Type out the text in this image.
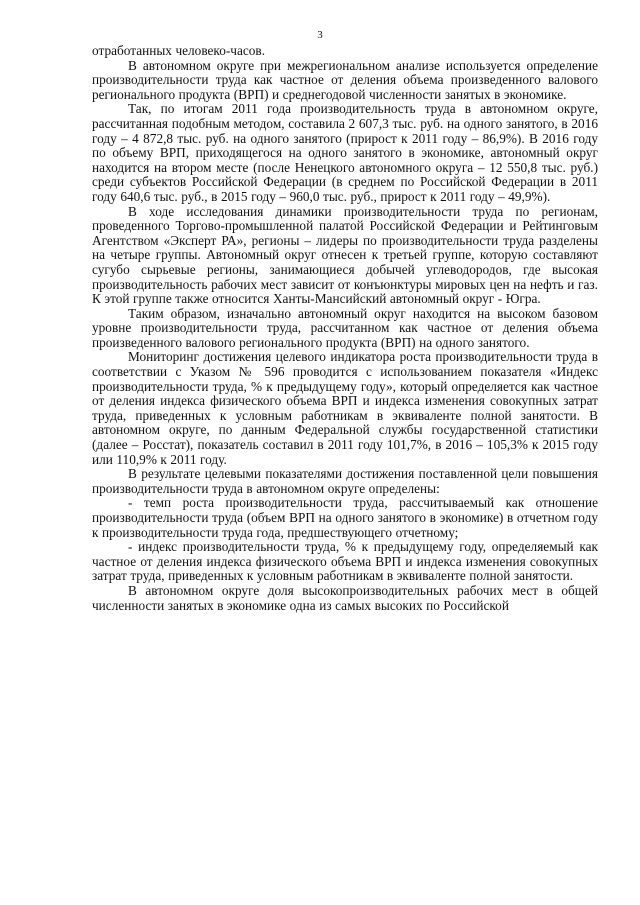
3

отработанных человеко-часов.

В автономном округе при межрегиональном анализе используется определение производительности труда как частное от деления объема произведенного валового регионального продукта (ВРП) и среднегодовой численности занятых в экономике.

Так, по итогам 2011 года производительность труда в автономном округе, рассчитанная подобным методом, составила 2 607,3 тыс. руб. на одного занятого, в 2016 году – 4 872,8 тыс. руб. на одного занятого (прирост к 2011 году – 86,9%). В 2016 году по объему ВРП, приходящегося на одного занятого в экономике, автономный округ находится на втором месте (после Ненецкого автономного округа – 12 550,8 тыс. руб.) среди субъектов Российской Федерации (в среднем по Российской Федерации в 2011 году 640,6 тыс. руб., в 2015 году – 960,0 тыс. руб., прирост к 2011 году – 49,9%).

В ходе исследования динамики производительности труда по регионам, проведенного Торгово-промышленной палатой Российской Федерации и Рейтинговым Агентством «Эксперт РА», регионы – лидеры по производительности труда разделены на четыре группы. Автономный округ отнесен к третьей группе, которую составляют сугубо сырьевые регионы, занимающиеся добычей углеводородов, где высокая производительность рабочих мест зависит от конъюнктуры мировых цен на нефть и газ. К этой группе также относится Ханты-Мансийский автономный округ - Югра.

Таким образом, изначально автономный округ находится на высоком базовом уровне производительности труда, рассчитанном как частное от деления объема произведенного валового регионального продукта (ВРП) на одного занятого.

Мониторинг достижения целевого индикатора роста производительности труда в соответствии с Указом № 596 проводится с использованием показателя «Индекс производительности труда, % к предыдущему году», который определяется как частное от деления индекса физического объема ВРП и индекса изменения совокупных затрат труда, приведенных к условным работникам в эквиваленте полной занятости. В автономном округе, по данным Федеральной службы государственной статистики (далее – Росстат), показатель составил в 2011 году 101,7%, в 2016 – 105,3% к 2015 году или 110,9% к 2011 году.

В результате целевыми показателями достижения поставленной цели повышения производительности труда в автономном округе определены:

- темп роста производительности труда, рассчитываемый как отношение производительности труда (объем ВРП на одного занятого в экономике) в отчетном году к производительности труда года, предшествующего отчетному;

- индекс производительности труда, % к предыдущему году, определяемый как частное от деления индекса физического объема ВРП и индекса изменения совокупных затрат труда, приведенных к условным работникам в эквиваленте полной занятости.

В автономном округе доля высокопроизводительных рабочих мест в общей численности занятых в экономике одна из самых высоких по Российской
